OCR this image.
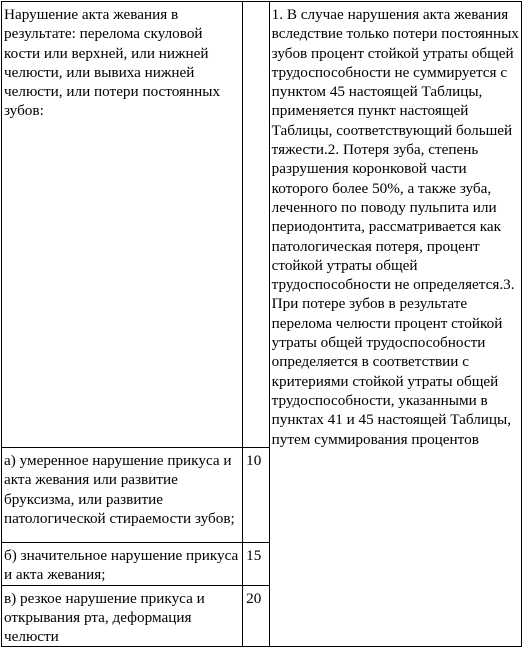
Нарушение акта жевания в результате: перелома скуловой кости или верхней, или нижней челюсти, или вывиха нижней челюсти, или потери постоянных зубов:		1. В случае нарушения акта жевания вследствие только потери постоянных зубов процент стойкой утраты общей трудоспособности не суммируется с пунктом 45 настоящей Таблицы, применяется пункт настоящей Таблицы, соответствующий большей тяжести.2. Потеря зуба, степень разрушения коронковой части которого более 50%, а также зуба, леченного по поводу пульпита или периодонтита, рассматривается как патологическая потеря, процент стойкой утраты общей трудоспособности не определяется.3. При потере зубов в результате перелома челюсти процент стойкой утраты общей трудоспособности определяется в соответствии с критериями стойкой утраты общей трудоспособности, указанными в пунктах 41 и 45 настоящей Таблицы, путем суммирования процентов
а) умеренное нарушение прикуса и акта жевания или развитие бруксизма, или развитие патологической стираемости зубов;	10	
б) значительное нарушение прикуса и акта жевания;	15	
в) резкое нарушение прикуса и открывания рта, деформация челюсти	20	
